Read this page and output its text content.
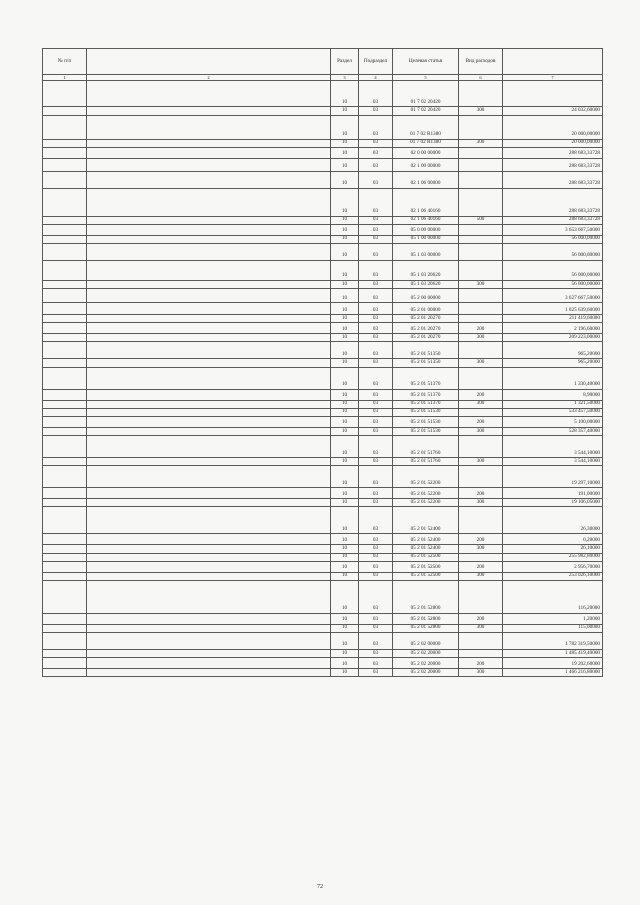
№ п/п		Раздел	Подраздел	Целевая статья	Вид расходов	
1	2	3	4	5	6	7
		10	03	01 7 02 20420		
		10	03	01 7 02 20420	300	24 032,60000
		10	03	01 7 02 R1380		20 000,00000
		10	03	01 7 02 R1380	300	20 000,00000
		10	03	02 0 00 00000		288 683,33728
		10	03	02 1 00 00000		288 683,33728
		10	03	02 1 06 00000		288 683,33728
		10	03	02 1 06 40160		288 683,33728
		10	03	02 1 06 40160	500	288 683,33728
		10	03	05 0 00 00000		3 653 667,50000
		10	03	05 1 00 00000		56 000,00000
		10	03	05 1 03 00000		56 000,00000
		10	03	05 1 03 20620		56 000,00000
		10	03	05 1 03 20620	300	56 000,00000
		10	03	05 2 00 00000		3 627 667,50000
		10	03	05 2 01 00000		1 025 639,60000
		10	03	05 2 01 20270		211 419,60000
		10	03	05 2 01 20270	200	2 196,60000
		10	03	05 2 01 20270	300	209 223,00000
		10	03	05 2 01 51350		965,20000
		10	03	05 2 01 51350	300	965,20000
		10	03	05 2 01 51370		1 330,40000
		10	03	05 2 01 51370	200	8,90000
		10	03	05 2 01 51370	300	1 321,50000
		10	03	05 2 01 51530		533 457,50000
		10	03	05 2 01 51530	200	5 100,00000
		10	03	05 2 01 51530	300	528 357,40000
		10	03	05 2 01 51760		3 544,10000
		10	03	05 2 01 51760	300	3 544,10000
		10	03	05 2 01 52200		19 297,10000
		10	03	05 2 01 52200	200	191,00000
		10	03	05 2 01 52200	300	19 106,05000
		10	03	05 2 01 52400		26,30000
		10	03	05 2 01 52400	200	0,20000
		10	03	05 2 01 52400	300	26,10000
		10	03	05 2 01 52500		255 982,80000
		10	03	05 2 01 52500	200	2 956,70000
		10	03	05 2 01 52500	300	253 026,10000
		10	03	05 2 01 52800		116,20000
		10	03	05 2 01 52800	200	1,20000
		10	03	05 2 01 52800	300	115,00000
		10	03	05 2 02 00000		1 782 319,50000
		10	03	05 2 02 20000		1 485 419,40000
		10	03	05 2 02 20000	200	19 202,60000
		10	03	05 2 02 20000	300	1 466 216,80000
72
